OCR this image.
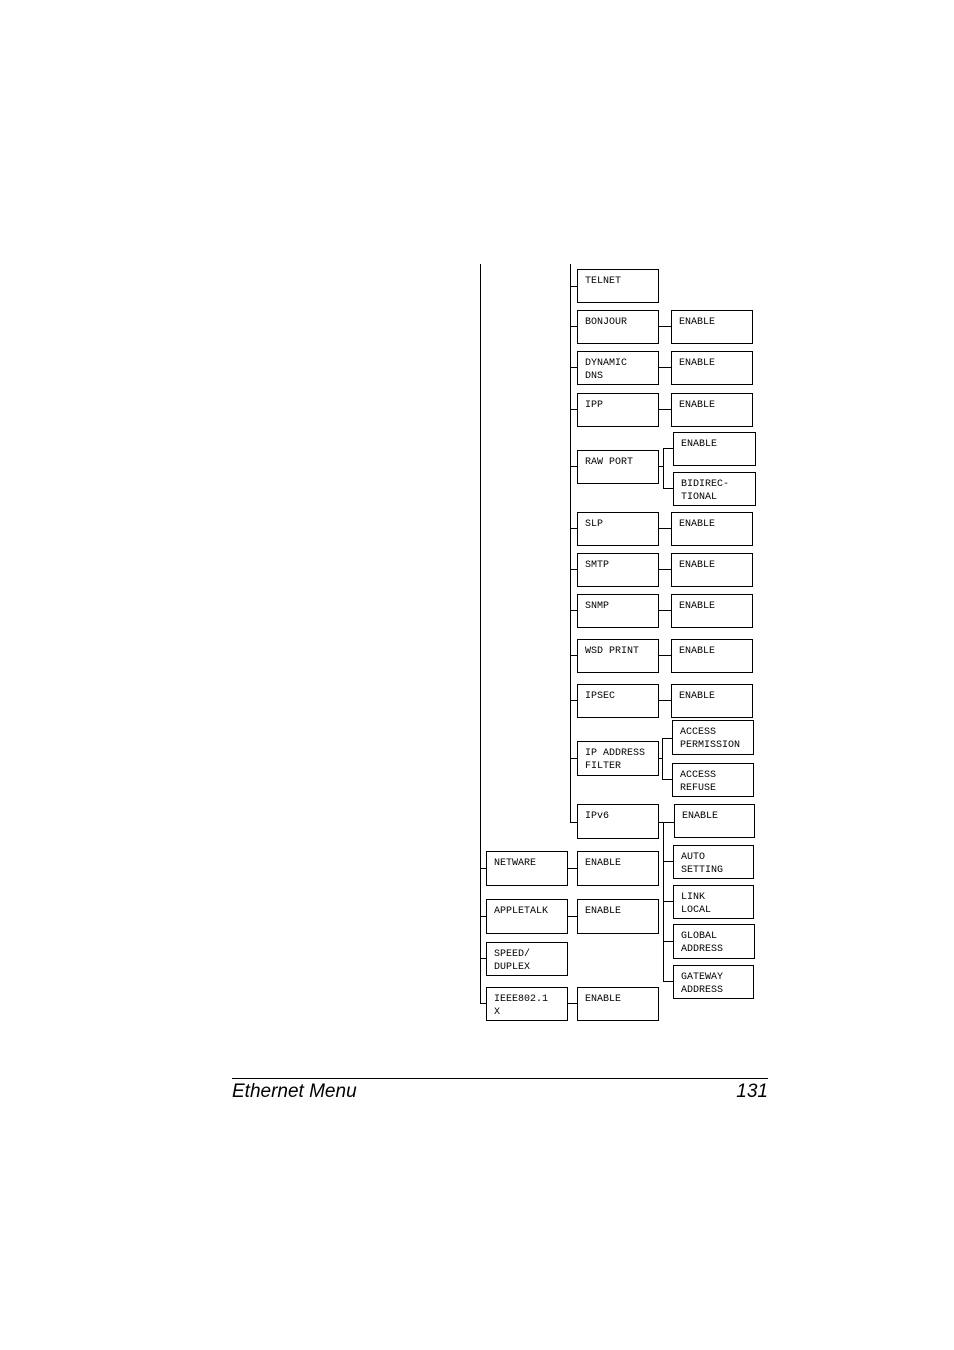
TELNET
BONJOUR
DYNAMIC
DNS
IPP
RAW PORT
SLP
SMTP
SNMP
WSD PRINT
IPSEC
IP ADDRESS
FILTER
IPv6
ENABLE
ENABLE
ENABLE
ENABLE
BIDIREC-
TIONAL
ENABLE
ENABLE
ENABLE
ENABLE
ENABLE
ACCESS
PERMISSION
ACCESS
REFUSE
ENABLE
AUTO
SETTING
LINK
LOCAL
GLOBAL
ADDRESS
GATEWAY
ADDRESS
NETWARE
APPLETALK
SPEED/
DUPLEX
IEEE802.1
X
ENABLE
ENABLE
ENABLE
Ethernet Menu	131
